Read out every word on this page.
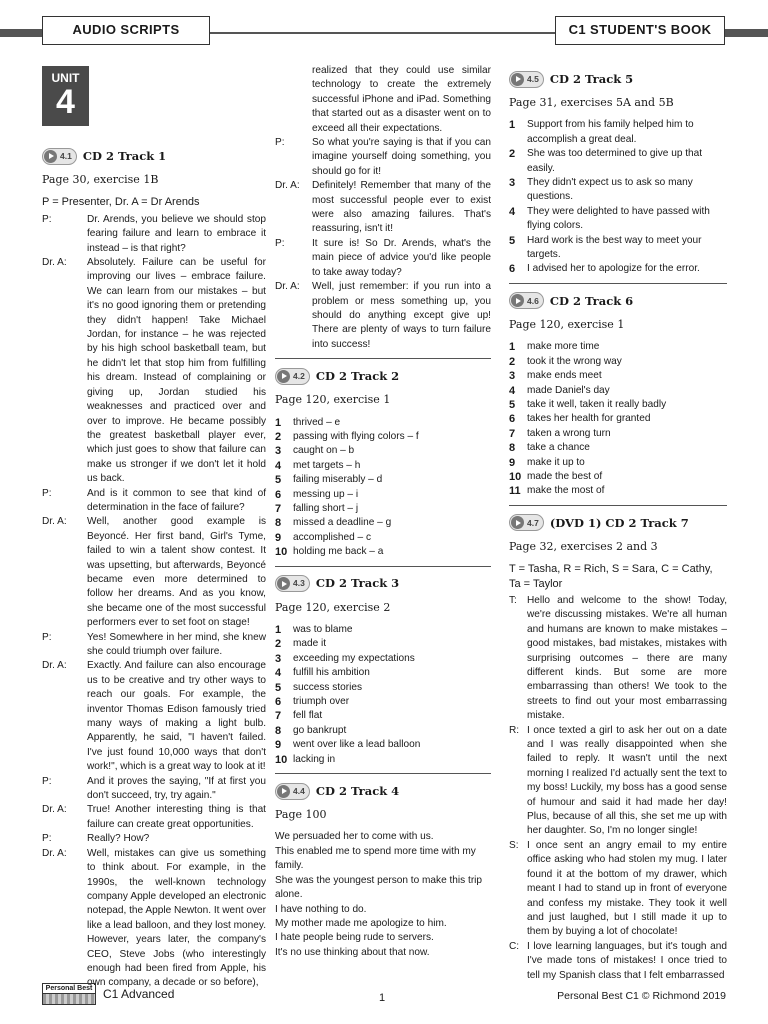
AUDIO SCRIPTS	C1 STUDENT'S BOOK
UNIT
4
4.1 CD 2 Track 1
Page 30, exercise 1B
P = Presenter, Dr. A = Dr Arends
P:	Dr. Arends, you believe we should stop fearing failure and learn to embrace it instead – is that right?
Dr. A:	Absolutely. Failure can be useful for improving our lives – embrace failure. We can learn from our mistakes – but it's no good ignoring them or pretending they didn't happen! Take Michael Jordan, for instance – he was rejected by his high school basketball team, but he didn't let that stop him from fulfilling his dream. Instead of complaining or giving up, Jordan studied his weaknesses and practiced over and over to improve. He became possibly the greatest basketball player ever, which just goes to show that failure can make us stronger if we don't let it hold us back.
P:	And is it common to see that kind of determination in the face of failure?
Dr. A:	Well, another good example is Beyoncé. Her first band, Girl's Tyme, failed to win a talent show contest. It was upsetting, but afterwards, Beyoncé became even more determined to follow her dreams. And as you know, she became one of the most successful performers ever to set foot on stage!
P:	Yes! Somewhere in her mind, she knew she could triumph over failure.
Dr. A:	Exactly. And failure can also encourage us to be creative and try other ways to reach our goals. For example, the inventor Thomas Edison famously tried many ways of making a light bulb. Apparently, he said, "I haven't failed. I've just found 10,000 ways that don't work!", which is a great way to look at it!
P:	And it proves the saying, "If at first you don't succeed, try, try again."
Dr. A:	True! Another interesting thing is that failure can create great opportunities.
P:	Really? How?
Dr. A:	Well, mistakes can give us something to think about. For example, in the 1990s, the well-known technology company Apple developed an electronic notepad, the Apple Newton. It went over like a lead balloon, and they lost money. However, years later, the company's CEO, Steve Jobs (who interestingly enough had been fired from Apple, his own company, a decade or so before),
realized that they could use similar technology to create the extremely successful iPhone and iPad. Something that started out as a disaster went on to exceed all their expectations.
P:	So what you're saying is that if you can imagine yourself doing something, you should go for it!
Dr. A:	Definitely! Remember that many of the most successful people ever to exist were also amazing failures. That's reassuring, isn't it!
P:	It sure is! So Dr. Arends, what's the main piece of advice you'd like people to take away today?
Dr. A:	Well, just remember: if you run into a problem or mess something up, you should do anything except give up! There are plenty of ways to turn failure into success!
4.2 CD 2 Track 2
Page 120, exercise 1
1	thrived – e
2	passing with flying colors – f
3	caught on – b
4	met targets – h
5	failing miserably – d
6	messing up – i
7	falling short – j
8	missed a deadline – g
9	accomplished – c
10 holding me back – a
4.3 CD 2 Track 3
Page 120, exercise 2
1	was to blame
2	made it
3	exceeding my expectations
4	fulfill his ambition
5	success stories
6	triumph over
7	fell flat
8	go bankrupt
9	went over like a lead balloon
10 lacking in
4.4 CD 2 Track 4
Page 100
We persuaded her to come with us.
This enabled me to spend more time with my family.
She was the youngest person to make this trip alone.
I have nothing to do.
My mother made me apologize to him.
I hate people being rude to servers.
It's no use thinking about that now.
4.5 CD 2 Track 5
Page 31, exercises 5A and 5B
1	Support from his family helped him to accomplish a great deal.
2	She was too determined to give up that easily.
3	They didn't expect us to ask so many questions.
4	They were delighted to have passed with flying colors.
5	Hard work is the best way to meet your targets.
6	I advised her to apologize for the error.
4.6 CD 2 Track 6
Page 120, exercise 1
1	make more time
2	took it the wrong way
3	make ends meet
4	made Daniel's day
5	take it well, taken it really badly
6	takes her health for granted
7	taken a wrong turn
8	take a chance
9	make it up to
10 made the best of
11 make the most of
4.7 (DVD 1) CD 2 Track 7
Page 32, exercises 2 and 3
T = Tasha, R = Rich, S = Sara, C = Cathy, Ta = Taylor
T:	Hello and welcome to the show! Today, we're discussing mistakes. We're all human and humans are known to make mistakes – good mistakes, bad mistakes, mistakes with surprising outcomes – there are many different kinds. But some are more embarrassing than others! We took to the streets to find out your most embarrassing mistake.
R: I once texted a girl to ask her out on a date and I was really disappointed when she failed to reply. It wasn't until the next morning I realized I'd actually sent the text to my boss! Luckily, my boss has a good sense of humour and said it had made her day! Plus, because of all this, she set me up with her daughter. So, I'm no longer single!
S: I once sent an angry email to my entire office asking who had stolen my mug. I later found it at the bottom of my drawer, which meant I had to stand up in front of everyone and confess my mistake. They took it well and just laughed, but I still made it up to them by buying a lot of chocolate!
C: I love learning languages, but it's tough and I've made tons of mistakes! I once tried to tell my Spanish class that I felt embarrassed
Personal Best C1 Advanced	1	Personal Best C1 © Richmond 2019
